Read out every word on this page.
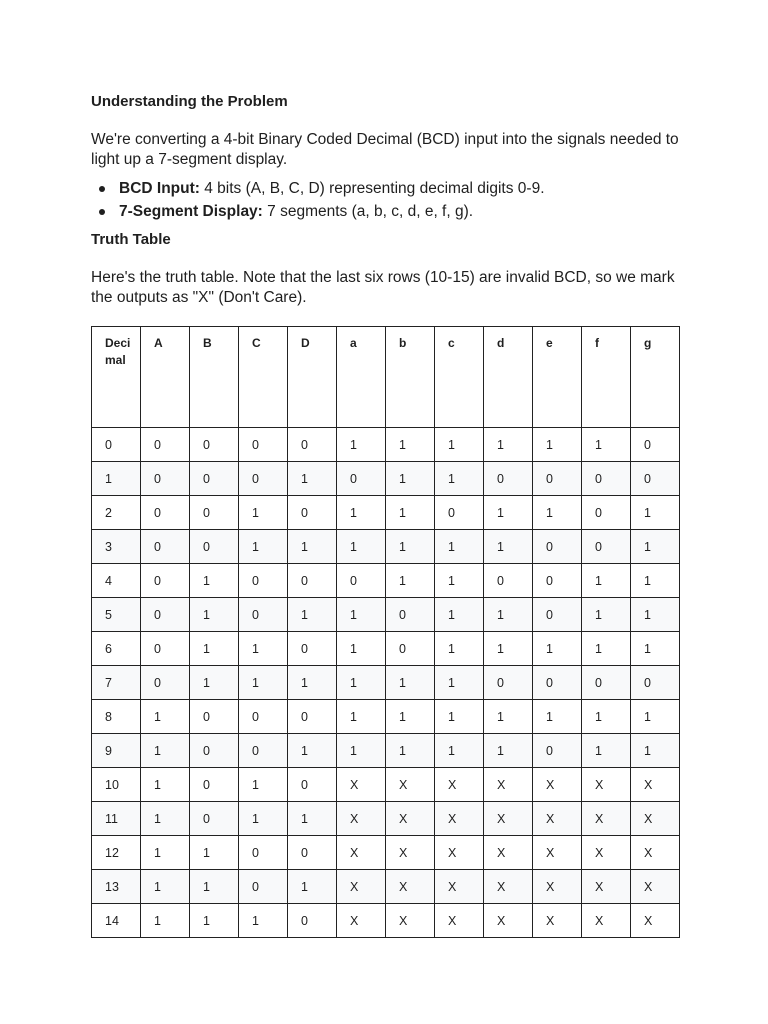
Understanding the Problem
We're converting a 4-bit Binary Coded Decimal (BCD) input into the signals needed to light up a 7-segment display.
BCD Input: 4 bits (A, B, C, D) representing decimal digits 0-9.
7-Segment Display: 7 segments (a, b, c, d, e, f, g).
Truth Table
Here's the truth table. Note that the last six rows (10-15) are invalid BCD, so we mark the outputs as "X" (Don't Care).
Decimal	A	B	C	D	a	b	c	d	e	f	g
0	0	0	0	0	1	1	1	1	1	1	0
1	0	0	0	1	0	1	1	0	0	0	0
2	0	0	1	0	1	1	0	1	1	0	1
3	0	0	1	1	1	1	1	1	0	0	1
4	0	1	0	0	0	1	1	0	0	1	1
5	0	1	0	1	1	0	1	1	0	1	1
6	0	1	1	0	1	0	1	1	1	1	1
7	0	1	1	1	1	1	1	0	0	0	0
8	1	0	0	0	1	1	1	1	1	1	1
9	1	0	0	1	1	1	1	1	0	1	1
10	1	0	1	0	X	X	X	X	X	X	X
11	1	0	1	1	X	X	X	X	X	X	X
12	1	1	0	0	X	X	X	X	X	X	X
13	1	1	0	1	X	X	X	X	X	X	X
14	1	1	1	0	X	X	X	X	X	X	X
